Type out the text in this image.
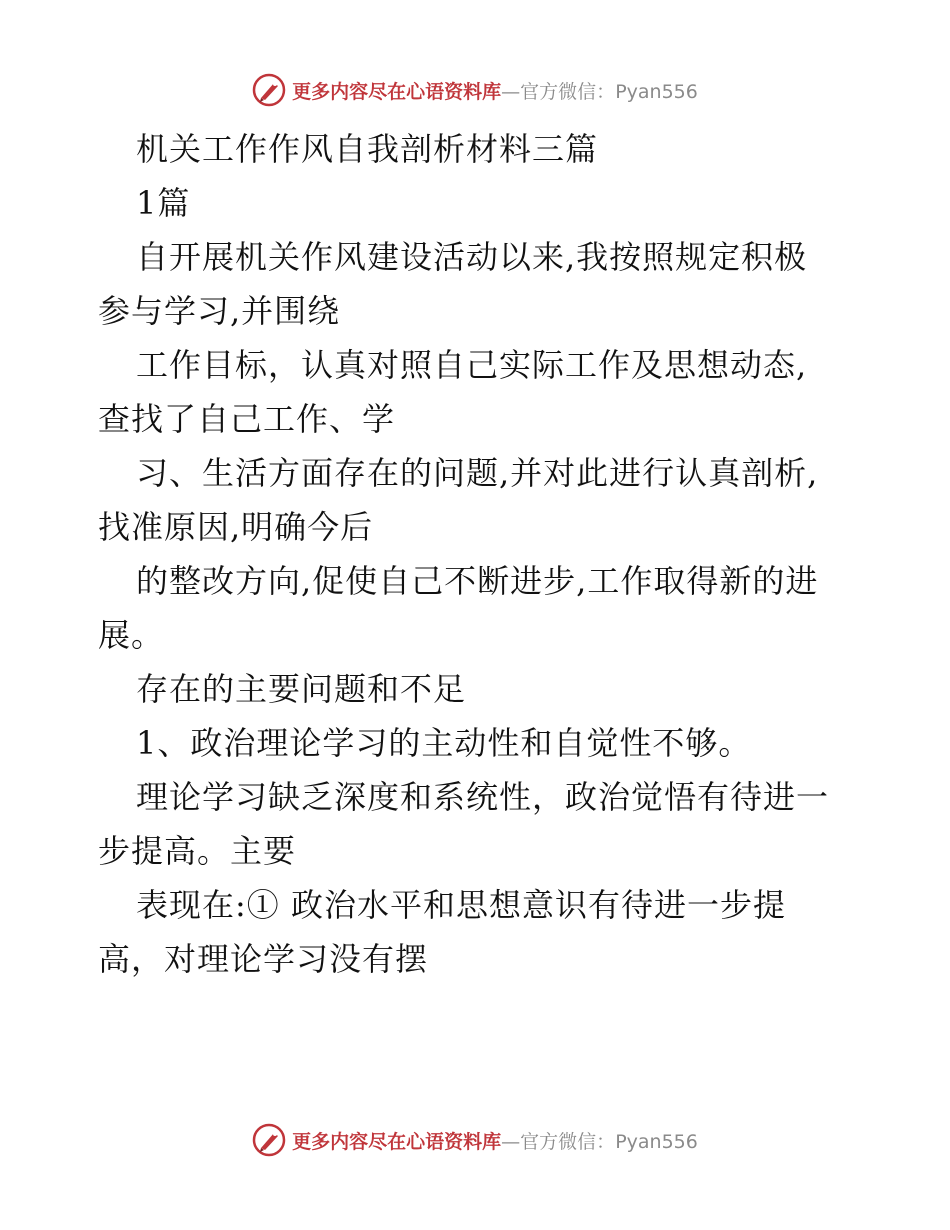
更多内容尽在心语资料库—官方微信：Pyan556
机关工作作风自我剖析材料三篇
1篇
自开展机关作风建设活动以来,我按照规定积极
参与学习,并围绕
工作目标，认真对照自己实际工作及思想动态,
查找了自己工作、学
习、生活方面存在的问题,并对此进行认真剖析,
找准原因,明确今后
的整改方向,促使自己不断进步,工作取得新的进
展。
存在的主要问题和不足
1、政治理论学习的主动性和自觉性不够。
理论学习缺乏深度和系统性，政治觉悟有待进一
步提高。主要
表现在:① 政治水平和思想意识有待进一步提
高，对理论学习没有摆
更多内容尽在心语资料库—官方微信：Pyan556
